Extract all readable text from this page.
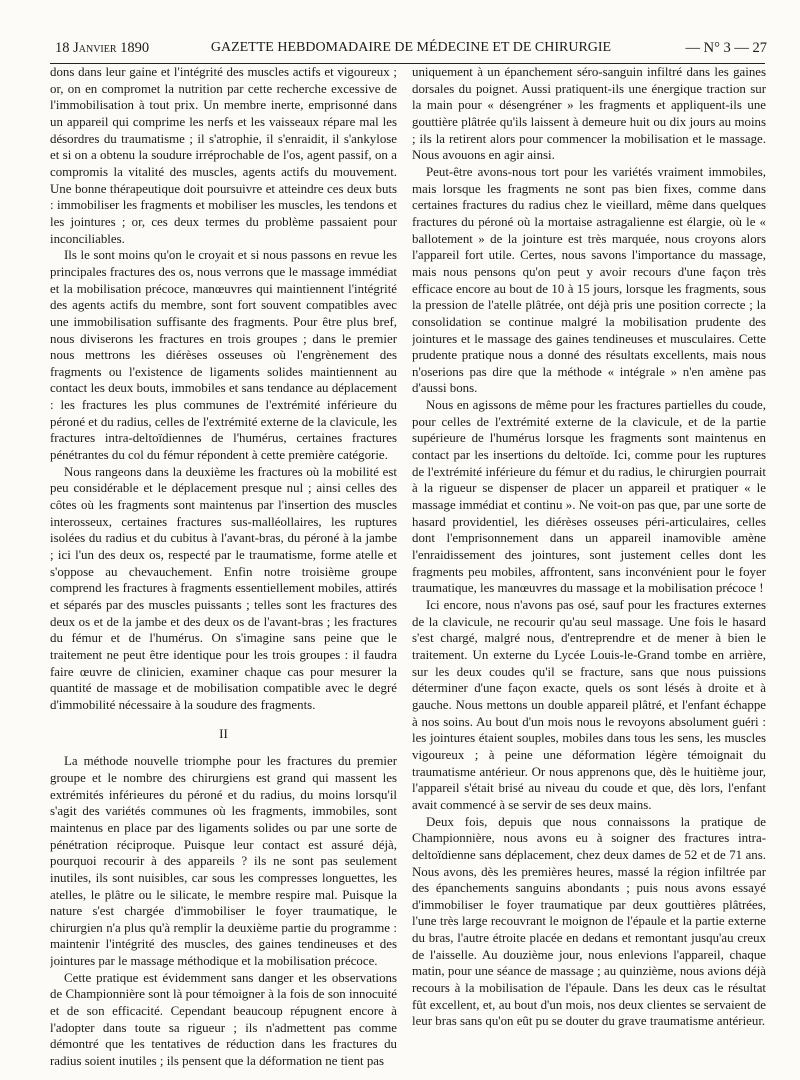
18 Janvier 1890	GAZETTE HEBDOMADAIRE DE MÉDECINE ET DE CHIRURGIE	— N° 3 — 27

dons dans leur gaine et l'intégrité des muscles actifs et vigoureux ; or, on en compromet la nutrition par cette recherche excessive de l'immobilisation à tout prix. Un membre inerte, emprisonné dans un appareil qui comprime les nerfs et les vaisseaux répare mal les désordres du traumatisme ; il s'atrophie, il s'enraidit, il s'ankylose et si on a obtenu la soudure irréprochable de l'os, agent passif, on a compromis la vitalité des muscles, agents actifs du mouvement. Une bonne thérapeutique doit poursuivre et atteindre ces deux buts : immobiliser les fragments et mobiliser les muscles, les tendons et les jointures ; or, ces deux termes du problème passaient pour inconciliables.

Ils le sont moins qu'on le croyait et si nous passons en revue les principales fractures des os, nous verrons que le massage immédiat et la mobilisation précoce, manœuvres qui maintiennent l'intégrité des agents actifs du membre, sont fort souvent compatibles avec une immobilisation suffisante des fragments. Pour être plus bref, nous diviserons les fractures en trois groupes ; dans le premier nous mettrons les diérèses osseuses où l'engrènement des fragments ou l'existence de ligaments solides maintiennent au contact les deux bouts, immobiles et sans tendance au déplacement : les fractures les plus communes de l'extrémité inférieure du péroné et du radius, celles de l'extrémité externe de la clavicule, les fractures intra-deltoïdiennes de l'humérus, certaines fractures pénétrantes du col du fémur répondent à cette première catégorie.

Nous rangeons dans la deuxième les fractures où la mobilité est peu considérable et le déplacement presque nul ; ainsi celles des côtes où les fragments sont maintenus par l'insertion des muscles interosseux, certaines fractures sus-malléollaires, les ruptures isolées du radius et du cubitus à l'avant-bras, du péroné à la jambe ; ici l'un des deux os, respecté par le traumatisme, forme atelle et s'oppose au chevauchement. Enfin notre troisième groupe comprend les fractures à fragments essentiellement mobiles, attirés et séparés par des muscles puissants ; telles sont les fractures des deux os et de la jambe et des deux os de l'avant-bras ; les fractures du fémur et de l'humérus. On s'imagine sans peine que le traitement ne peut être identique pour les trois groupes : il faudra faire œuvre de clinicien, examiner chaque cas pour mesurer la quantité de massage et de mobilisation compatible avec le degré d'immobilité nécessaire à la soudure des fragments.

II

La méthode nouvelle triomphe pour les fractures du premier groupe et le nombre des chirurgiens est grand qui massent les extrémités inférieures du péroné et du radius, du moins lorsqu'il s'agit des variétés communes où les fragments, immobiles, sont maintenus en place par des ligaments solides ou par une sorte de pénétration réciproque. Puisque leur contact est assuré déjà, pourquoi recourir à des appareils ? ils ne sont pas seulement inutiles, ils sont nuisibles, car sous les compresses longuettes, les atelles, le plâtre ou le silicate, le membre respire mal. Puisque la nature s'est chargée d'immobiliser le foyer traumatique, le chirurgien n'a plus qu'à remplir la deuxième partie du programme : maintenir l'intégrité des muscles, des gaines tendineuses et des jointures par le massage méthodique et la mobilisation précoce.

Cette pratique est évidemment sans danger et les observations de Championnière sont là pour témoigner à la fois de son innocuité et de son efficacité. Cependant beaucoup répugnent encore à l'adopter dans toute sa rigueur ; ils n'admettent pas comme démontré que les tentatives de réduction dans les fractures du radius soient inutiles ; ils pensent que la déformation ne tient pas

uniquement à un épanchement séro-sanguin infiltré dans les gaines dorsales du poignet. Aussi pratiquent-ils une énergique traction sur la main pour « désengréner » les fragments et appliquent-ils une gouttière plâtrée qu'ils laissent à demeure huit ou dix jours au moins ; ils la retirent alors pour commencer la mobilisation et le massage. Nous avouons en agir ainsi.

Peut-être avons-nous tort pour les variétés vraiment immobiles, mais lorsque les fragments ne sont pas bien fixes, comme dans certaines fractures du radius chez le vieillard, même dans quelques fractures du péroné où la mortaise astragalienne est élargie, où le « ballotement » de la jointure est très marquée, nous croyons alors l'appareil fort utile. Certes, nous savons l'importance du massage, mais nous pensons qu'on peut y avoir recours d'une façon très efficace encore au bout de 10 à 15 jours, lorsque les fragments, sous la pression de l'atelle plâtrée, ont déjà pris une position correcte ; la consolidation se continue malgré la mobilisation prudente des jointures et le massage des gaines tendineuses et musculaires. Cette prudente pratique nous a donné des résultats excellents, mais nous n'oserions pas dire que la méthode « intégrale » n'en amène pas d'aussi bons.

Nous en agissons de même pour les fractures partielles du coude, pour celles de l'extrémité externe de la clavicule, et de la partie supérieure de l'humérus lorsque les fragments sont maintenus en contact par les insertions du deltoïde. Ici, comme pour les ruptures de l'extrémité inférieure du fémur et du radius, le chirurgien pourrait à la rigueur se dispenser de placer un appareil et pratiquer « le massage immédiat et continu ». Ne voit-on pas que, par une sorte de hasard providentiel, les diérèses osseuses péri-articulaires, celles dont l'emprisonnement dans un appareil inamovible amène l'enraidissement des jointures, sont justement celles dont les fragments peu mobiles, affrontent, sans inconvénient pour le foyer traumatique, les manœuvres du massage et la mobilisation précoce !

Ici encore, nous n'avons pas osé, sauf pour les fractures externes de la clavicule, ne recourir qu'au seul massage. Une fois le hasard s'est chargé, malgré nous, d'entreprendre et de mener à bien le traitement. Un externe du Lycée Louis-le-Grand tombe en arrière, sur les deux coudes qu'il se fracture, sans que nous puissions déterminer d'une façon exacte, quels os sont lésés à droite et à gauche. Nous mettons un double appareil plâtré, et l'enfant échappe à nos soins. Au bout d'un mois nous le revoyons absolument guéri : les jointures étaient souples, mobiles dans tous les sens, les muscles vigoureux ; à peine une déformation légère témoignait du traumatisme antérieur. Or nous apprenons que, dès le huitième jour, l'appareil s'était brisé au niveau du coude et que, dès lors, l'enfant avait commencé à se servir de ses deux mains.

Deux fois, depuis que nous connaissons la pratique de Championnière, nous avons eu à soigner des fractures intra-deltoïdienne sans déplacement, chez deux dames de 52 et de 71 ans. Nous avons, dès les premières heures, massé la région infiltrée par des épanchements sanguins abondants ; puis nous avons essayé d'immobiliser le foyer traumatique par deux gouttières plâtrées, l'une très large recouvrant le moignon de l'épaule et la partie externe du bras, l'autre étroite placée en dedans et remontant jusqu'au creux de l'aisselle. Au douzième jour, nous enlevions l'appareil, chaque matin, pour une séance de massage ; au quinzième, nous avions déjà recours à la mobilisation de l'épaule. Dans les deux cas le résultat fût excellent, et, au bout d'un mois, nos deux clientes se servaient de leur bras sans qu'on eût pu se douter du grave traumatisme antérieur.
